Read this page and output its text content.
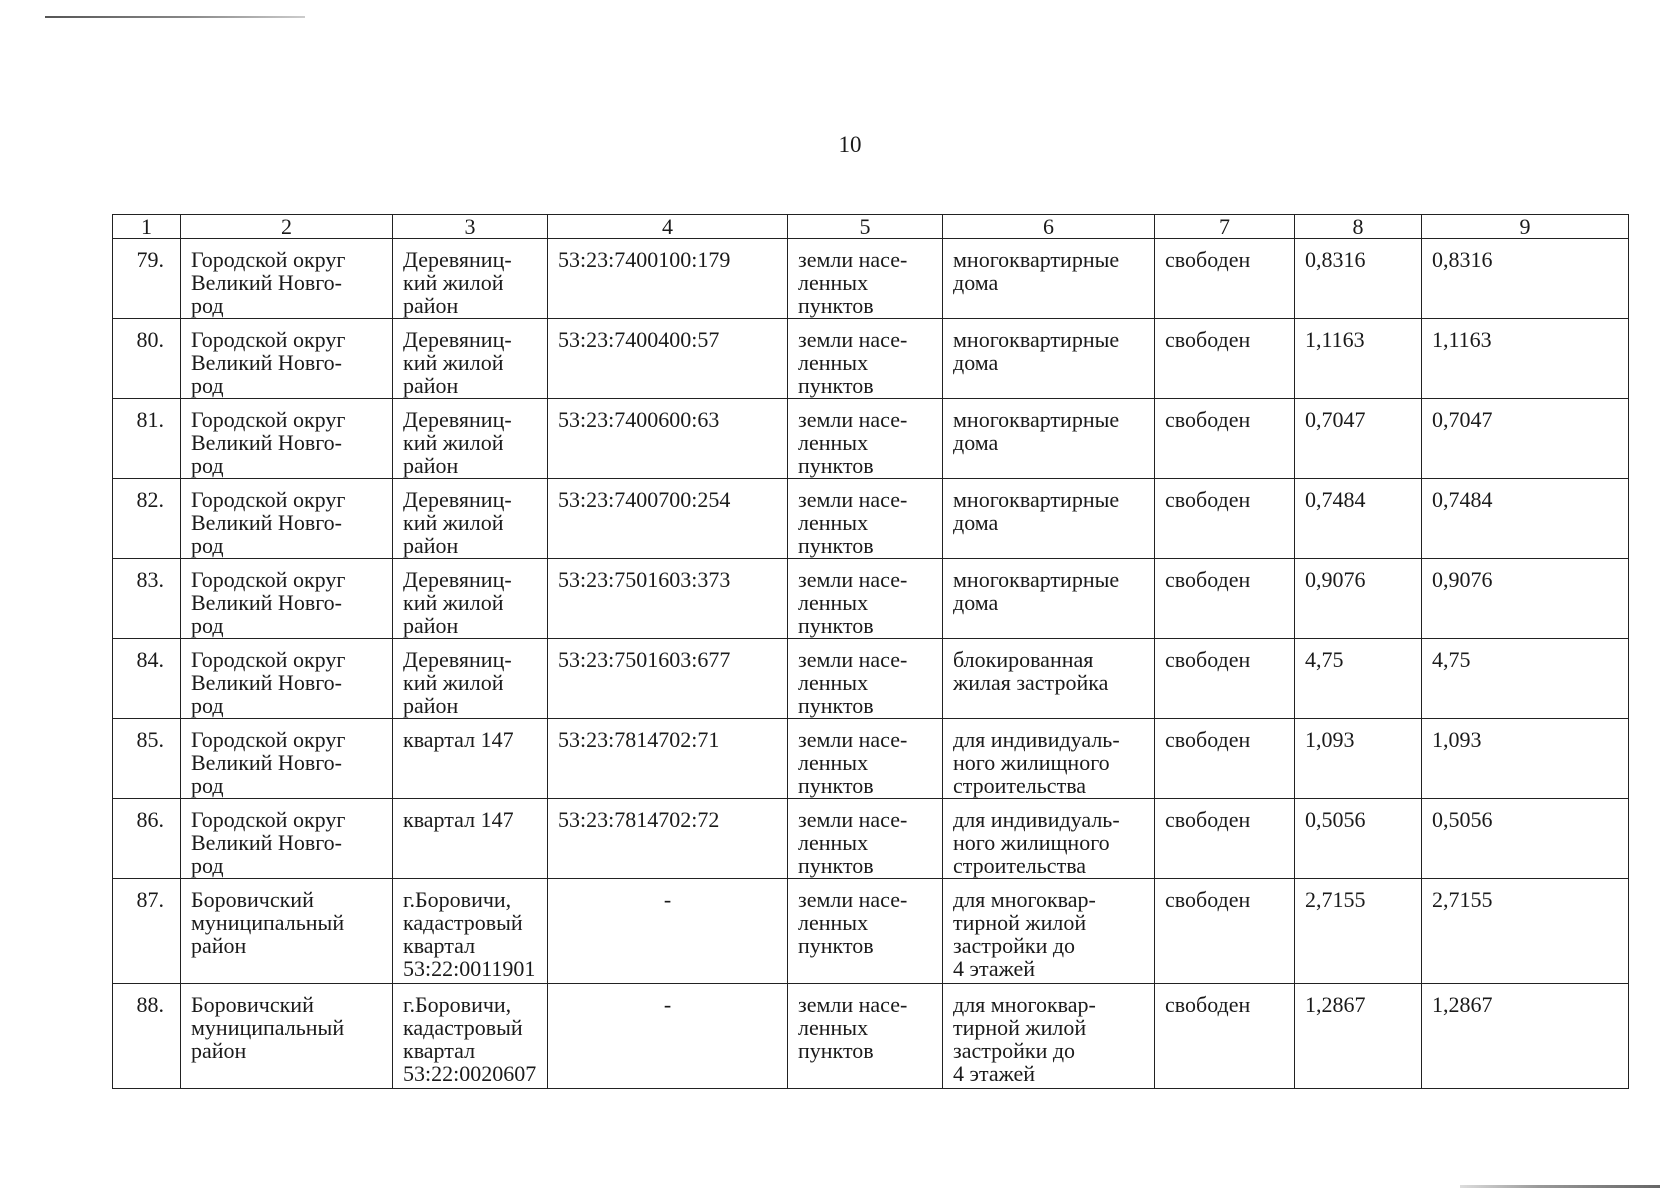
10
1	2	3	4	5	6	7	8	9
79.	Городской округ
Великий Новго-
род	Деревяниц-
кий жилой
район	53:23:7400100:179	земли насе-
ленных
пунктов	многоквартирные
дома	свободен	0,8316	0,8316
80.	Городской округ
Великий Новго-
род	Деревяниц-
кий жилой
район	53:23:7400400:57	земли насе-
ленных
пунктов	многоквартирные
дома	свободен	1,1163	1,1163
81.	Городской округ
Великий Новго-
род	Деревяниц-
кий жилой
район	53:23:7400600:63	земли насе-
ленных
пунктов	многоквартирные
дома	свободен	0,7047	0,7047
82.	Городской округ
Великий Новго-
род	Деревяниц-
кий жилой
район	53:23:7400700:254	земли насе-
ленных
пунктов	многоквартирные
дома	свободен	0,7484	0,7484
83.	Городской округ
Великий Новго-
род	Деревяниц-
кий жилой
район	53:23:7501603:373	земли насе-
ленных
пунктов	многоквартирные
дома	свободен	0,9076	0,9076
84.	Городской округ
Великий Новго-
род	Деревяниц-
кий жилой
район	53:23:7501603:677	земли насе-
ленных
пунктов	блокированная
жилая застройка	свободен	4,75	4,75
85.	Городской округ
Великий Новго-
род	квартал 147	53:23:7814702:71	земли насе-
ленных
пунктов	для индивидуаль-
ного жилищного
строительства	свободен	1,093	1,093
86.	Городской округ
Великий Новго-
род	квартал 147	53:23:7814702:72	земли насе-
ленных
пунктов	для индивидуаль-
ного жилищного
строительства	свободен	0,5056	0,5056
87.	Боровичский
муниципальный
район	г.Боровичи,
кадастровый
квартал
53:22:0011901	-	земли насе-
ленных
пунктов	для многоквар-
тирной жилой
застройки до
4 этажей	свободен	2,7155	2,7155
88.	Боровичский
муниципальный
район	г.Боровичи,
кадастровый
квартал
53:22:0020607	-	земли насе-
ленных
пунктов	для многоквар-
тирной жилой
застройки до
4 этажей	свободен	1,2867	1,2867
